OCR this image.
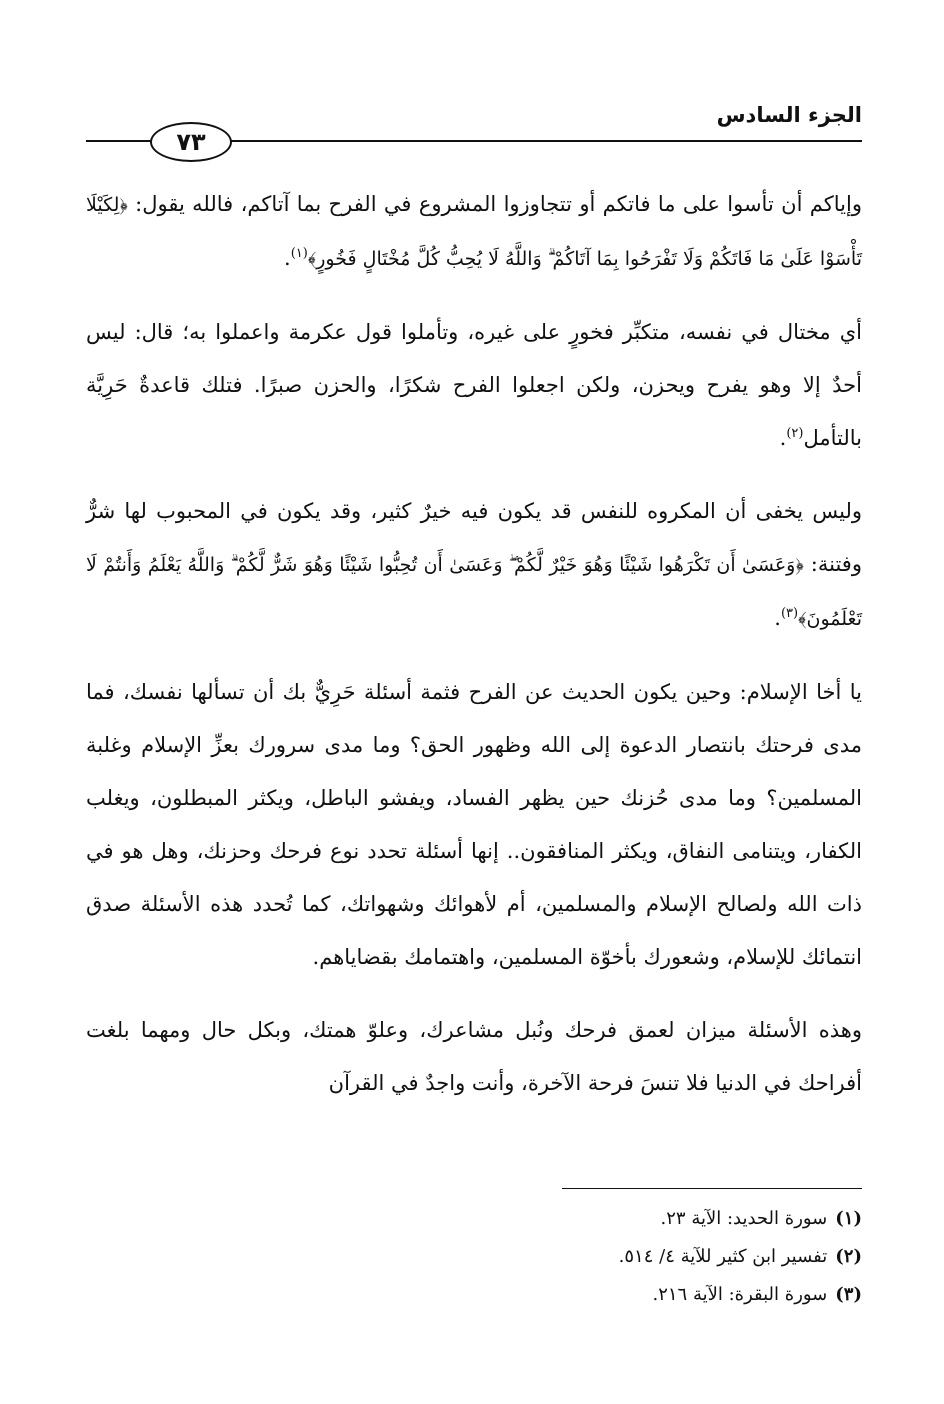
الجزء السادس
٧٣

وإياكم أن تأسوا على ما فاتكم أو تتجاوزوا المشروع في الفرح بما آتاكم، فالله يقول: ﴿لِكَيْلَا تَأْسَوْا عَلَىٰ مَا فَاتَكُمْ وَلَا تَفْرَحُوا بِمَا آتَاكُمْ ۗ وَاللَّهُ لَا يُحِبُّ كُلَّ مُخْتَالٍ فَخُورٍ﴾$^{(١)}$.

أي مختال في نفسه، متكبِّر فخورٍ على غيره، وتأملوا قول عكرمة واعملوا به؛ قال: ليس أحدٌ إلا وهو يفرح ويحزن، ولكن اجعلوا الفرح شكرًا، والحزن صبرًا. فتلك قاعدةٌ حَرِيَّة بالتأمل$^{(٢)}$.

وليس يخفى أن المكروه للنفس قد يكون فيه خيرٌ كثير، وقد يكون في المحبوب لها شرٌّ وفتنة: ﴿وَعَسَىٰ أَن تَكْرَهُوا شَيْئًا وَهُوَ خَيْرٌ لَّكُمْ ۖ وَعَسَىٰ أَن تُحِبُّوا شَيْئًا وَهُوَ شَرٌّ لَّكُمْ ۗ وَاللَّهُ يَعْلَمُ وَأَنتُمْ لَا تَعْلَمُونَ﴾$^{(٣)}$.

يا أخا الإسلام: وحين يكون الحديث عن الفرح فثمة أسئلة حَرِيٌّ بك أن تسألها نفسك، فما مدى فرحتك بانتصار الدعوة إلى الله وظهور الحق؟ وما مدى سرورك بعزِّ الإسلام وغلبة المسلمين؟ وما مدى حُزنك حين يظهر الفساد، ويفشو الباطل، ويكثر المبطلون، ويغلب الكفار، ويتنامى النفاق، ويكثر المنافقون.. إنها أسئلة تحدد نوع فرحك وحزنك، وهل هو في ذات الله ولصالح الإسلام والمسلمين، أم لأهوائك وشهواتك، كما تُحدد هذه الأسئلة صدق انتمائك للإسلام، وشعورك بأخوّة المسلمين، واهتمامك بقضاياهم.

وهذه الأسئلة ميزان لعمق فرحك ونُبل مشاعرك، وعلوّ همتك، وبكل حال ومهما بلغت أفراحك في الدنيا فلا تنسَ فرحة الآخرة، وأنت واجدٌ في القرآن

(١)سورة الحديد: الآية ٢٣.
(٢)تفسير ابن كثير للآية ٤/ ٥١٤.
(٣)سورة البقرة: الآية ٢١٦.
